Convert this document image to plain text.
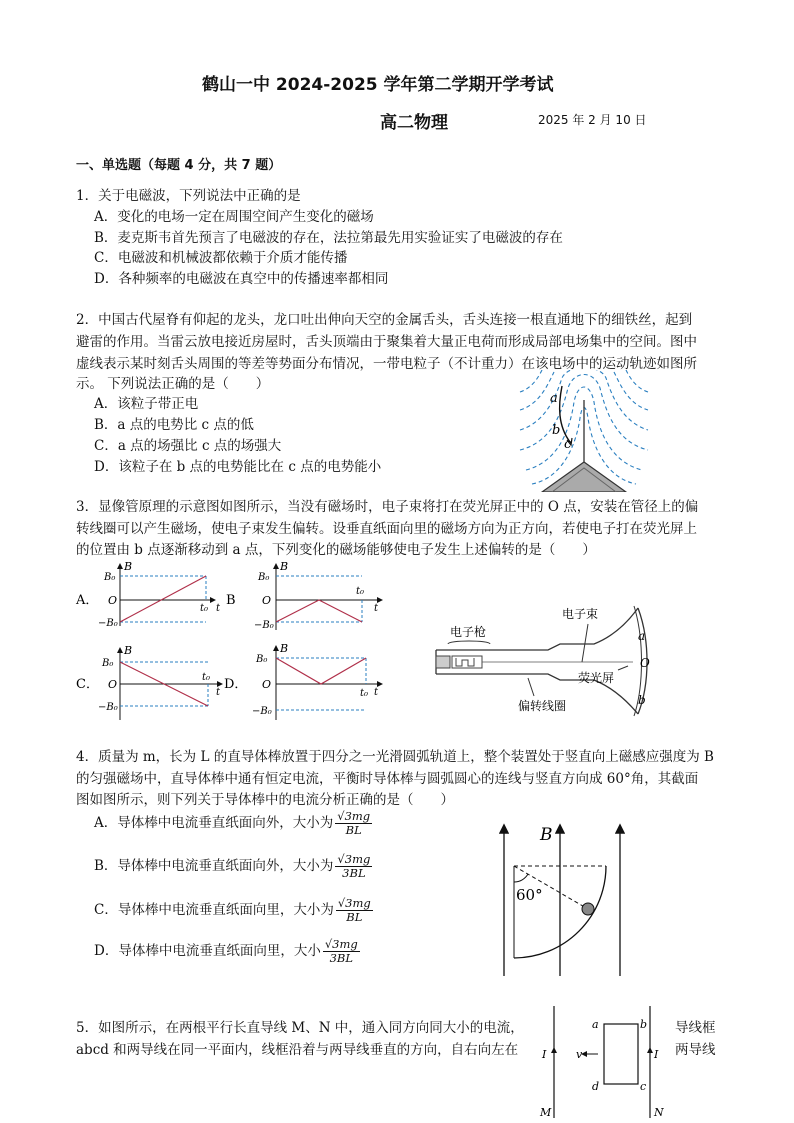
鹤山一中 2024-2025 学年第二学期开学考试
高二物理	2025 年 2 月 10 日
一、单选题（每题 4 分，共 7 题）
1．关于电磁波，下列说法中正确的是
A．变化的电场一定在周围空间产生变化的磁场
B．麦克斯韦首先预言了电磁波的存在，法拉第最先用实验证实了电磁波的存在
C．电磁波和机械波都依赖于介质才能传播
D．各种频率的电磁波在真空中的传播速率都相同
2．中国古代屋脊有仰起的龙头，龙口吐出伸向天空的金属舌头，舌头连接一根直通地下的细铁丝，起到
避雷的作用。当雷云放电接近房屋时，舌头顶端由于聚集着大量正电荷而形成局部电场集中的空间。图中
虚线表示某时刻舌头周围的等差等势面分布情况，一带电粒子（不计重力）在该电场中的运动轨迹如图所
示。 下列说法正确的是（　　）
A．该粒子带正电
B．a 点的电势比 c 点的低
C．a 点的场强比 c 点的场强大
D．该粒子在 b 点的电势能比在 c 点的电势能小
a
b
c
3．显像管原理的示意图如图所示，当没有磁场时，电子束将打在荧光屏正中的 O 点，安装在管径上的偏
转线圈可以产生磁场，使电子束发生偏转。设垂直纸面向里的磁场方向为正方向，若使电子打在荧光屏上
的位置由 b 点逐渐移动到 a 点，下列变化的磁场能够使电子发生上述偏转的是（　　）
A．
B
B₀
O
−B₀
t₀ t
B
B
B₀
O
−B₀
t₀
t
C．
B
B₀
O
−B₀
t₀
t
D．
B
B₀
O
−B₀
t₀ t
电子枪
电子束
荧光屏
偏转线圈
a
O
b
4．质量为 m，长为 L 的直导体棒放置于四分之一光滑圆弧轨道上，整个装置处于竖直向上磁感应强度为 B
的匀强磁场中，直导体棒中通有恒定电流，平衡时导体棒与圆弧圆心的连线与竖直方向成 60°角，其截面
图如图所示，则下列关于导体棒中的电流分析正确的是（　　）
A．导体棒中电流垂直纸面向外，大小为 $\frac{√3mg}{BL}$
B．导体棒中电流垂直纸面向外，大小为 $\frac{√3mg}{3BL}$
C．导体棒中电流垂直纸面向里，大小为 $\frac{√3mg}{BL}$
D．导体棒中电流垂直纸面向里，大小 $\frac{√3mg}{3BL}$
B
60°
5．如图所示，在两根平行长直导线 M、N 中，通入同方向同大小的电流，	导线框
abcd 和两导线在同一平面内，线框沿着与两导线垂直的方向，自右向左在	两导线
a	b
c
d
I	I
v
M	N
